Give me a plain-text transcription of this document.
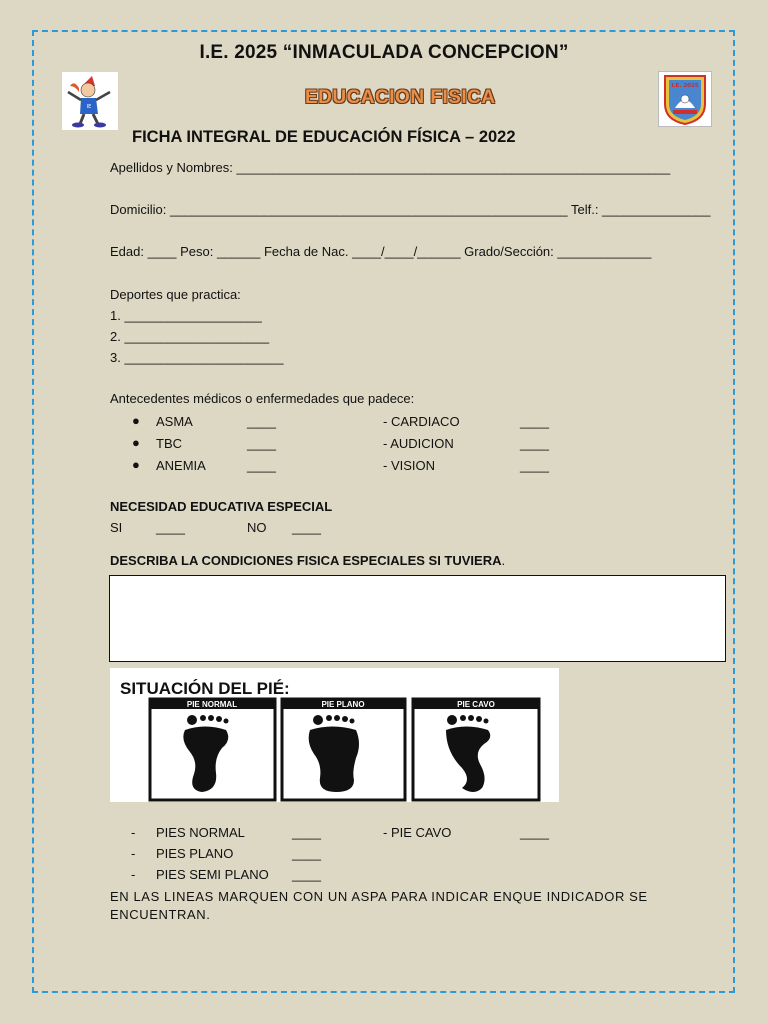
I.E. 2025 “INMACULADA CONCEPCION”
IE	EDUCACION FISICA
I.E. 2025
FICHA INTEGRAL DE EDUCACIÓN FÍSICA – 2022
Apellidos y Nombres: ____________________________________________________________
Domicilio: _______________________________________________________ Telf.: _______________
Edad: ____ Peso: ______ Fecha de Nac. ____/____/______ Grado/Sección: _____________
Deportes que practica:
1. ___________________
2. ____________________
3. ______________________
Antecedentes médicos o enfermedades que padece:
● ASMA	____	- CARDIACO	____
● TBC	____	- AUDICION	____
● ANEMIA	____	- VISION	____
NECESIDAD EDUCATIVA ESPECIAL
SI	____	NO ____
DESCRIBA LA CONDICIONES FISICA ESPECIALES SI TUVIERA.
SITUACIÓN DEL PIÉ:
PIE NORMAL	PIE PLANO	PIE CAVO
- PIES NORMAL	____	- PIE CAVO	____
- PIES PLANO	____
- PIES SEMI PLANO ____
EN LAS LINEAS MARQUEN CON UN ASPA PARA INDICAR ENQUE INDICADOR SE ENCUENTRAN.
